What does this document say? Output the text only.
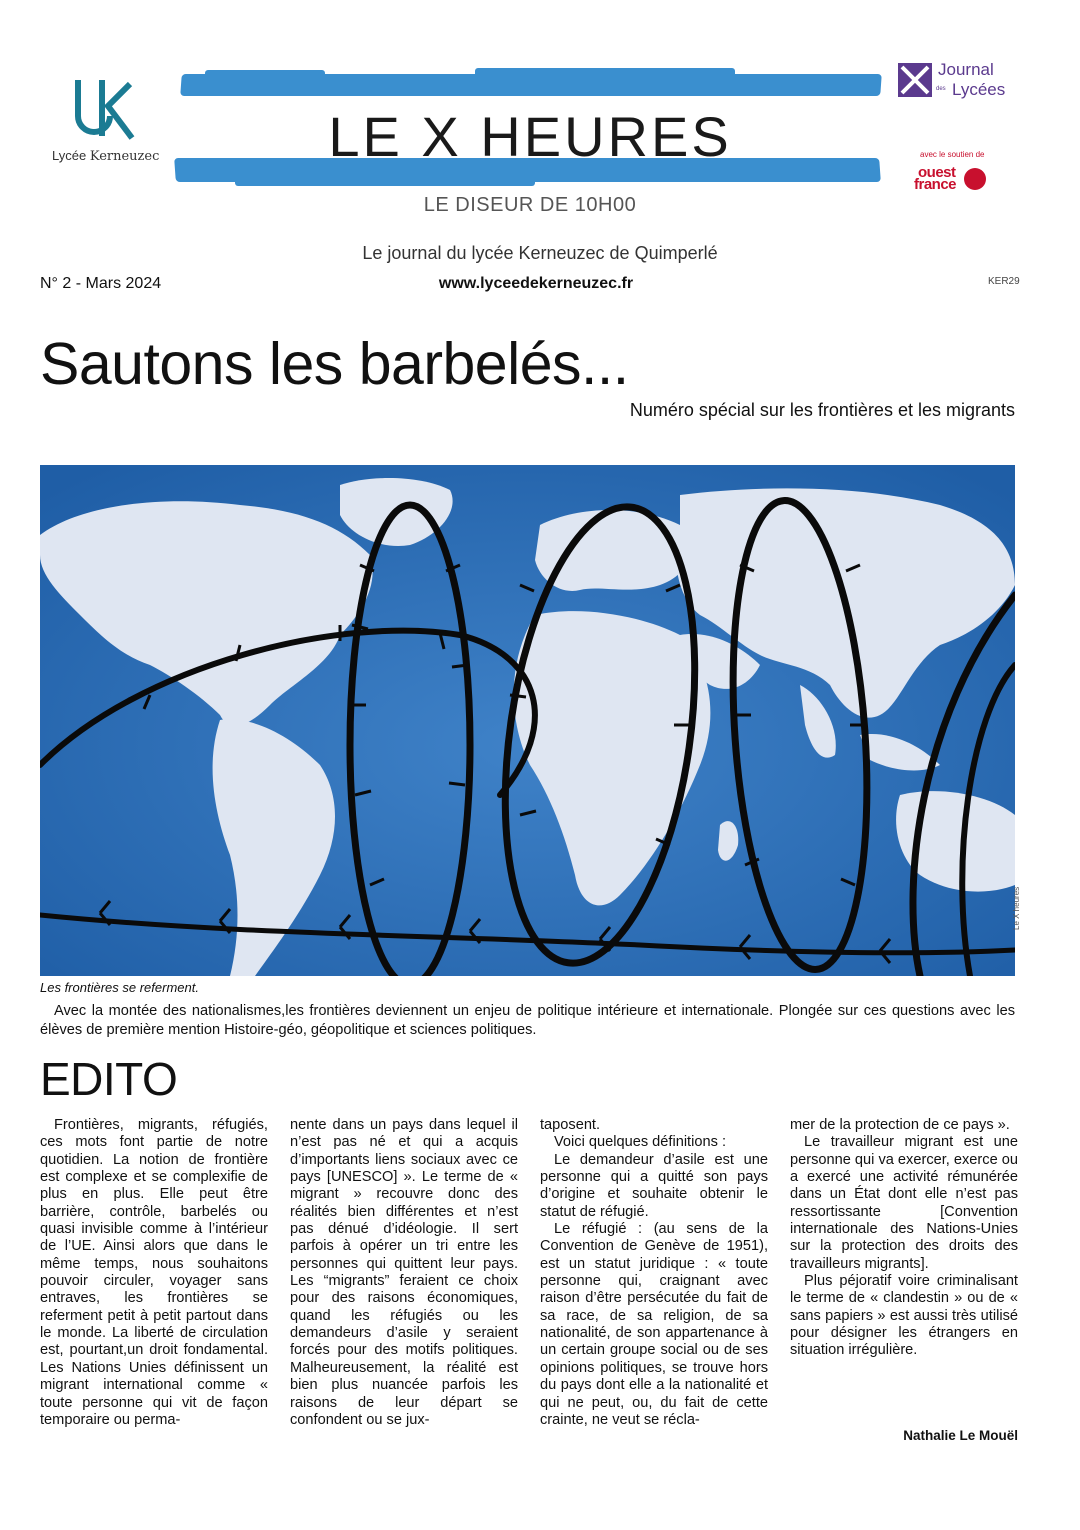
Lycée Kerneuzec	LE X HEURES
LE DISEUR DE 10H00
Journal
des Lycées
avec le soutien de
ouest
france
Le journal du lycée Kerneuzec de Quimperlé
N° 2 - Mars 2024	www.lyceedekerneuzec.fr	KER29
Sautons les barbelés...
Numéro spécial sur les frontières et les migrants
Le X heures
Les frontières se referment.
Avec la montée des nationalismes,les frontières deviennent un enjeu de politique intérieure et internationale. Plongée sur ces questions avec les élèves de première mention Histoire-géo, géopolitique et sciences politiques.
EDITO

Frontières, migrants, réfugiés, ces mots font partie de notre quotidien. La notion de frontière est complexe et se complexifie de plus en plus. Elle peut être barrière, contrôle, barbelés ou quasi invisible comme à l’intérieur de l’UE. Ainsi alors que dans le même temps, nous souhaitons pouvoir circuler, voyager sans entraves, les frontières se referment petit à petit partout dans le monde. La liberté de circulation est, pourtant,un droit fondamental. Les Nations Unies définissent un migrant international comme « toute personne qui vit de façon temporaire ou perma-

nente dans un pays dans lequel il n’est pas né et qui a acquis d’importants liens sociaux avec ce pays [UNESCO] ». Le terme de « migrant » recouvre donc des réalités bien différentes et n’est pas dénué d’idéologie. Il sert parfois à opérer un tri entre les personnes qui quittent leur pays. Les “migrants” feraient ce choix pour des raisons économiques, quand les réfugiés ou les demandeurs d’asile y seraient forcés pour des motifs politiques. Malheureusement, la réalité est bien plus nuancée parfois les raisons de leur départ se confondent ou se jux-

taposent.

Voici quelques définitions :

Le demandeur d’asile est une personne qui a quitté son pays d’origine et souhaite obtenir le statut de réfugié.

Le réfugié : (au sens de la Convention de Genève de 1951), est un statut juridique : « toute personne qui, craignant avec raison d’être persécutée du fait de sa race, de sa religion, de sa nationalité, de son appartenance à un certain groupe social ou de ses opinions politiques, se trouve hors du pays dont elle a la nationalité et qui ne peut, ou, du fait de cette crainte, ne veut se récla-

mer de la protection de ce pays ».

Le travailleur migrant est une personne qui va exercer, exerce ou a exercé une activité rémunérée dans un État dont elle n’est pas ressortissante [Convention internationale des Nations-Unies sur la protection des droits des travailleurs migrants].

Plus péjoratif voire criminalisant le terme de « clandestin » ou de « sans papiers » est aussi très utilisé pour désigner les étrangers en situation irrégulière.

Nathalie Le Mouël
